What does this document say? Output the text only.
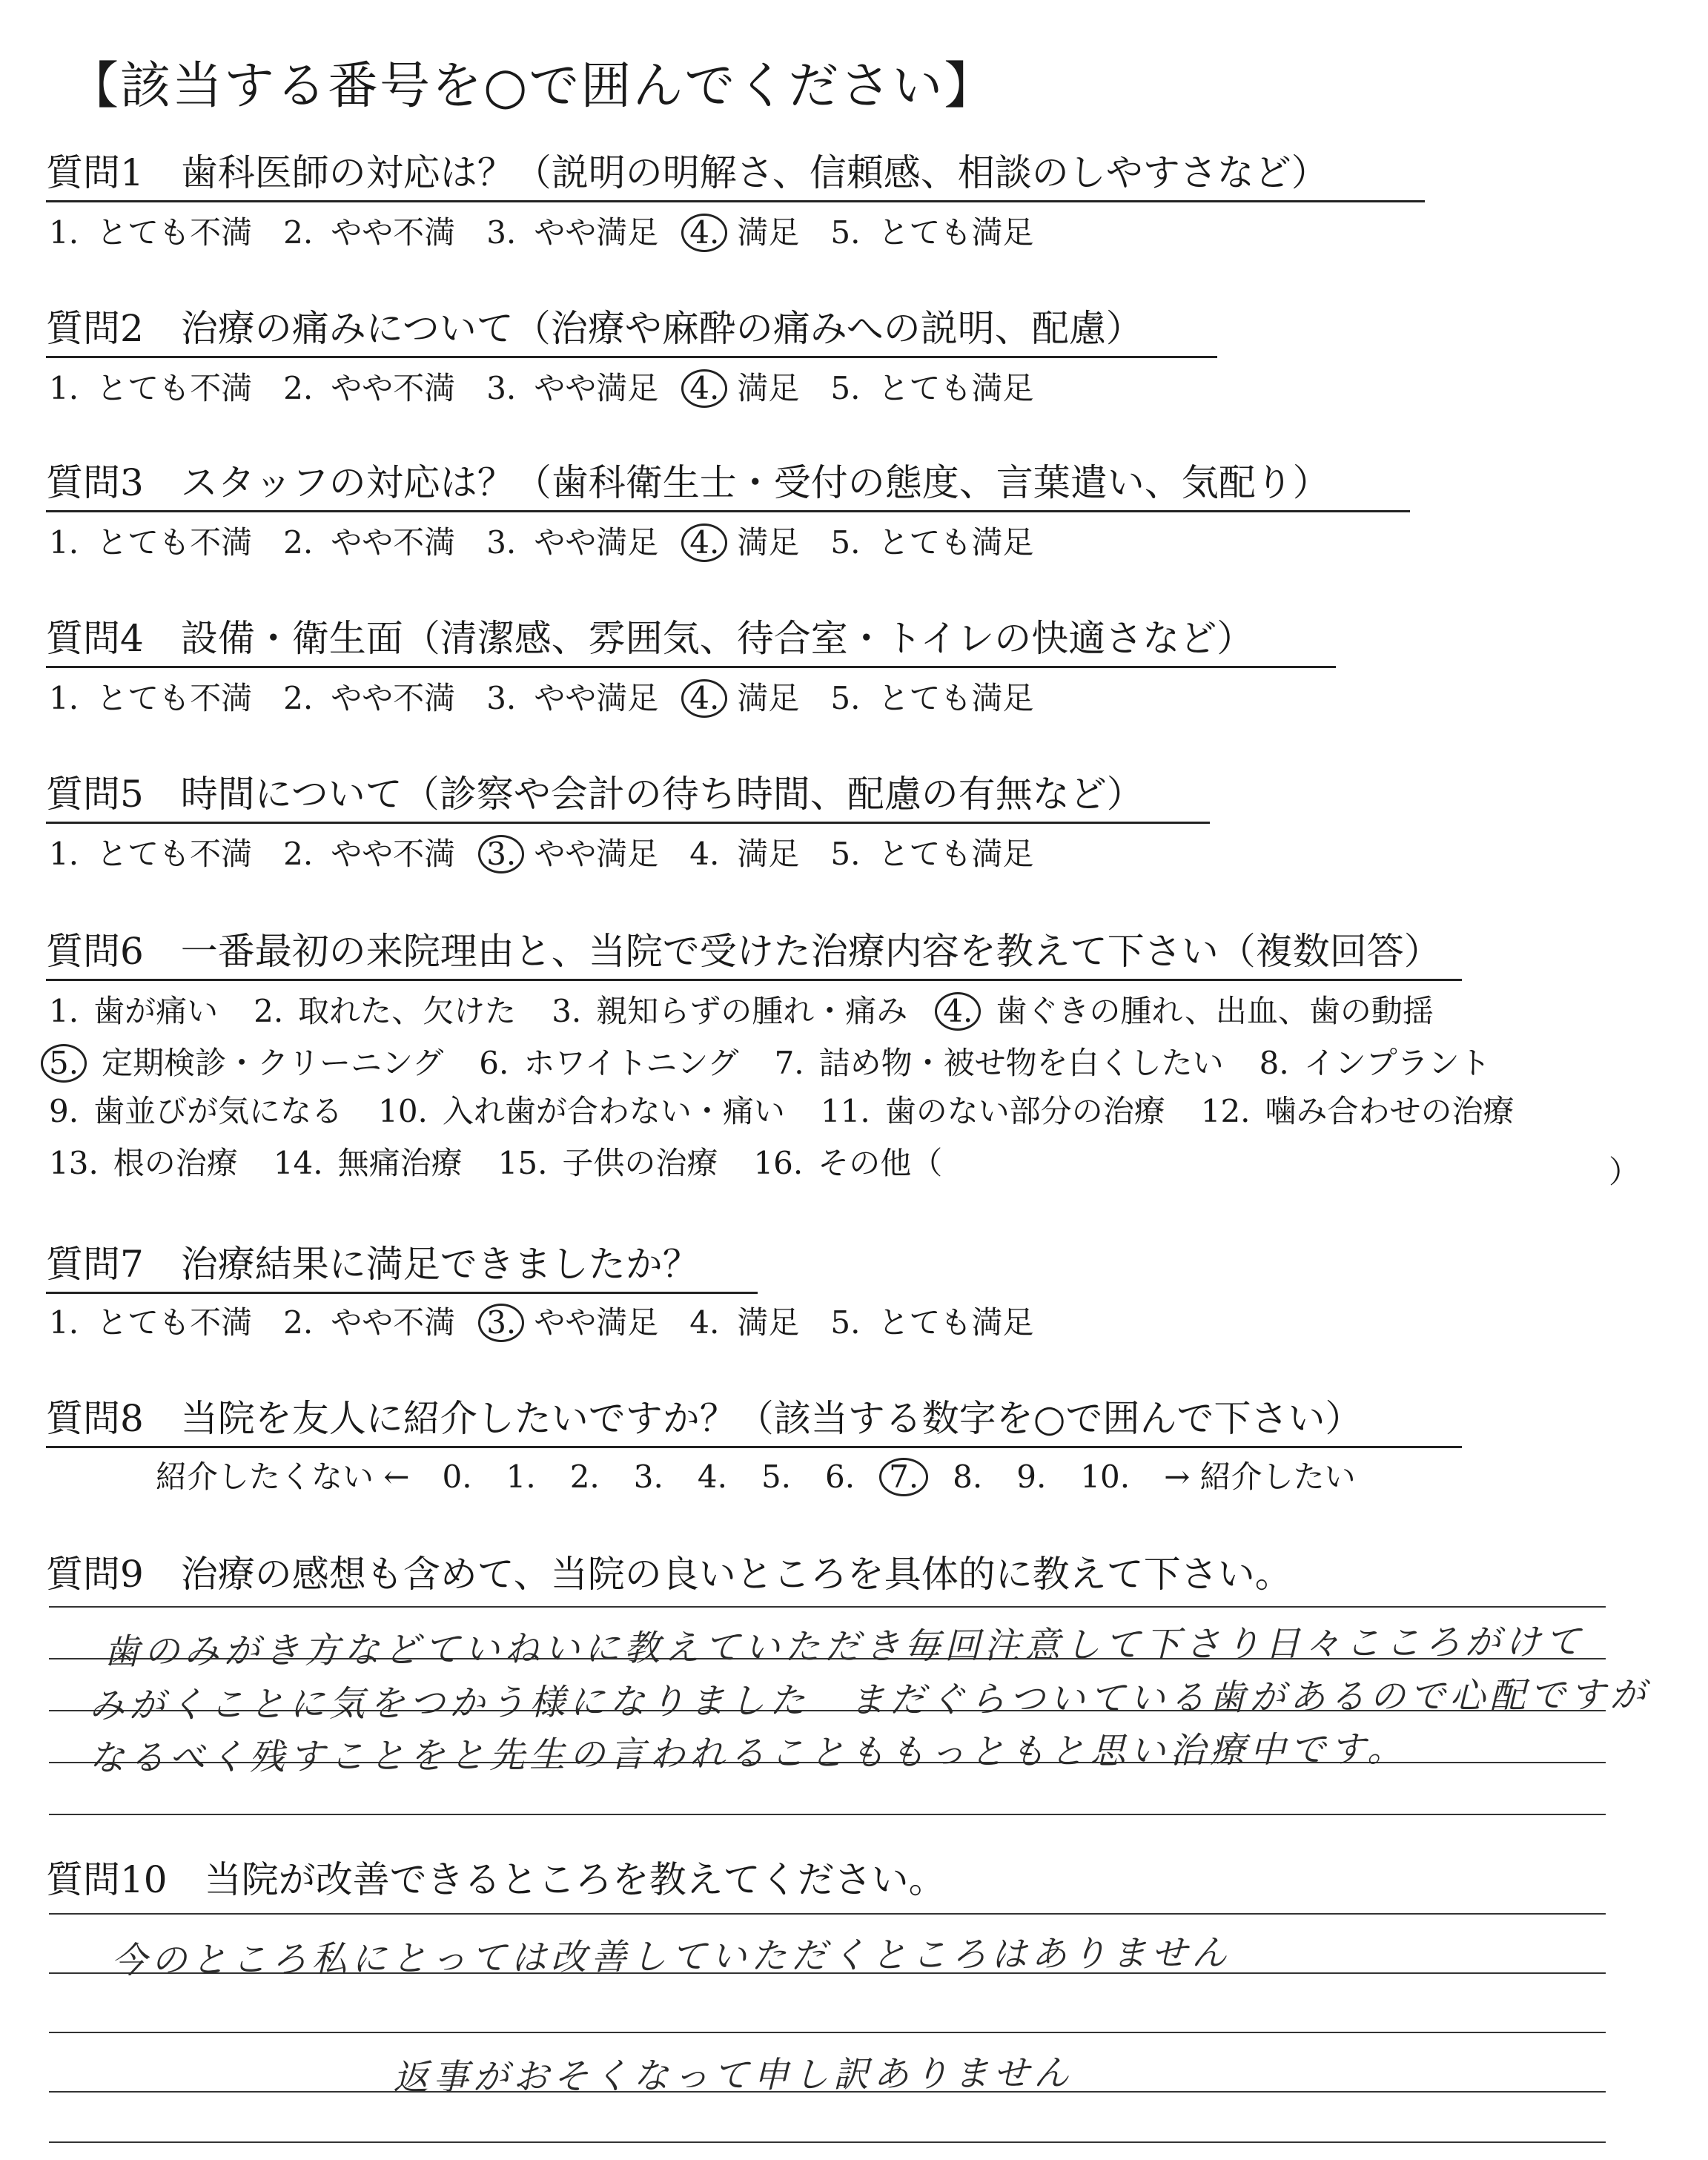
【該当する番号を○で囲んでください】
質問1　歯科医師の対応は？（説明の明解さ、信頼感、相談のしやすさなど）
1. とても不満 2. やや不満 3. やや満足 4. 満足 5. とても満足
質問2　治療の痛みについて（治療や麻酔の痛みへの説明、配慮）
1. とても不満 2. やや不満 3. やや満足 4. 満足 5. とても満足
質問3　スタッフの対応は？（歯科衛生士・受付の態度、言葉遣い、気配り）
1. とても不満 2. やや不満 3. やや満足 4. 満足 5. とても満足
質問4　設備・衛生面（清潔感、雰囲気、待合室・トイレの快適さなど）
1. とても不満 2. やや不満 3. やや満足 4. 満足 5. とても満足
質問5　時間について（診察や会計の待ち時間、配慮の有無など）
1. とても不満 2. やや不満 3. やや満足 4. 満足 5. とても満足
質問6　一番最初の来院理由と、当院で受けた治療内容を教えて下さい（複数回答）
1. 歯が痛い 2. 取れた、欠けた 3. 親知らずの腫れ・痛み 4. 歯ぐきの腫れ、出血、歯の動揺
5. 定期検診・クリーニング 6. ホワイトニング 7. 詰め物・被せ物を白くしたい 8. インプラント
9. 歯並びが気になる 10. 入れ歯が合わない・痛い 11. 歯のない部分の治療 12. 噛み合わせの治療
13. 根の治療 14. 無痛治療 15. 子供の治療 16. その他（	）
質問7　治療結果に満足できましたか？
1. とても不満 2. やや不満 3. やや満足 4. 満足 5. とても満足
質問8　当院を友人に紹介したいですか？（該当する数字を○で囲んで下さい）
紹介したくない ← 0. 1. 2. 3. 4. 5. 6. 7. 8. 9. 10. → 紹介したい
質問9　治療の感想も含めて、当院の良いところを具体的に教えて下さい。
歯のみがき方などていねいに教えていただき毎回注意して下さり日々こころがけて
みがくことに気をつかう様になりました　まだぐらついている歯があるので心配ですが
なるべく残すことをと先生の言われることももっともと思い治療中です。
質問10　当院が改善できるところを教えてください。
今のところ私にとっては改善していただくところはありません
返事がおそくなって申し訳ありません
